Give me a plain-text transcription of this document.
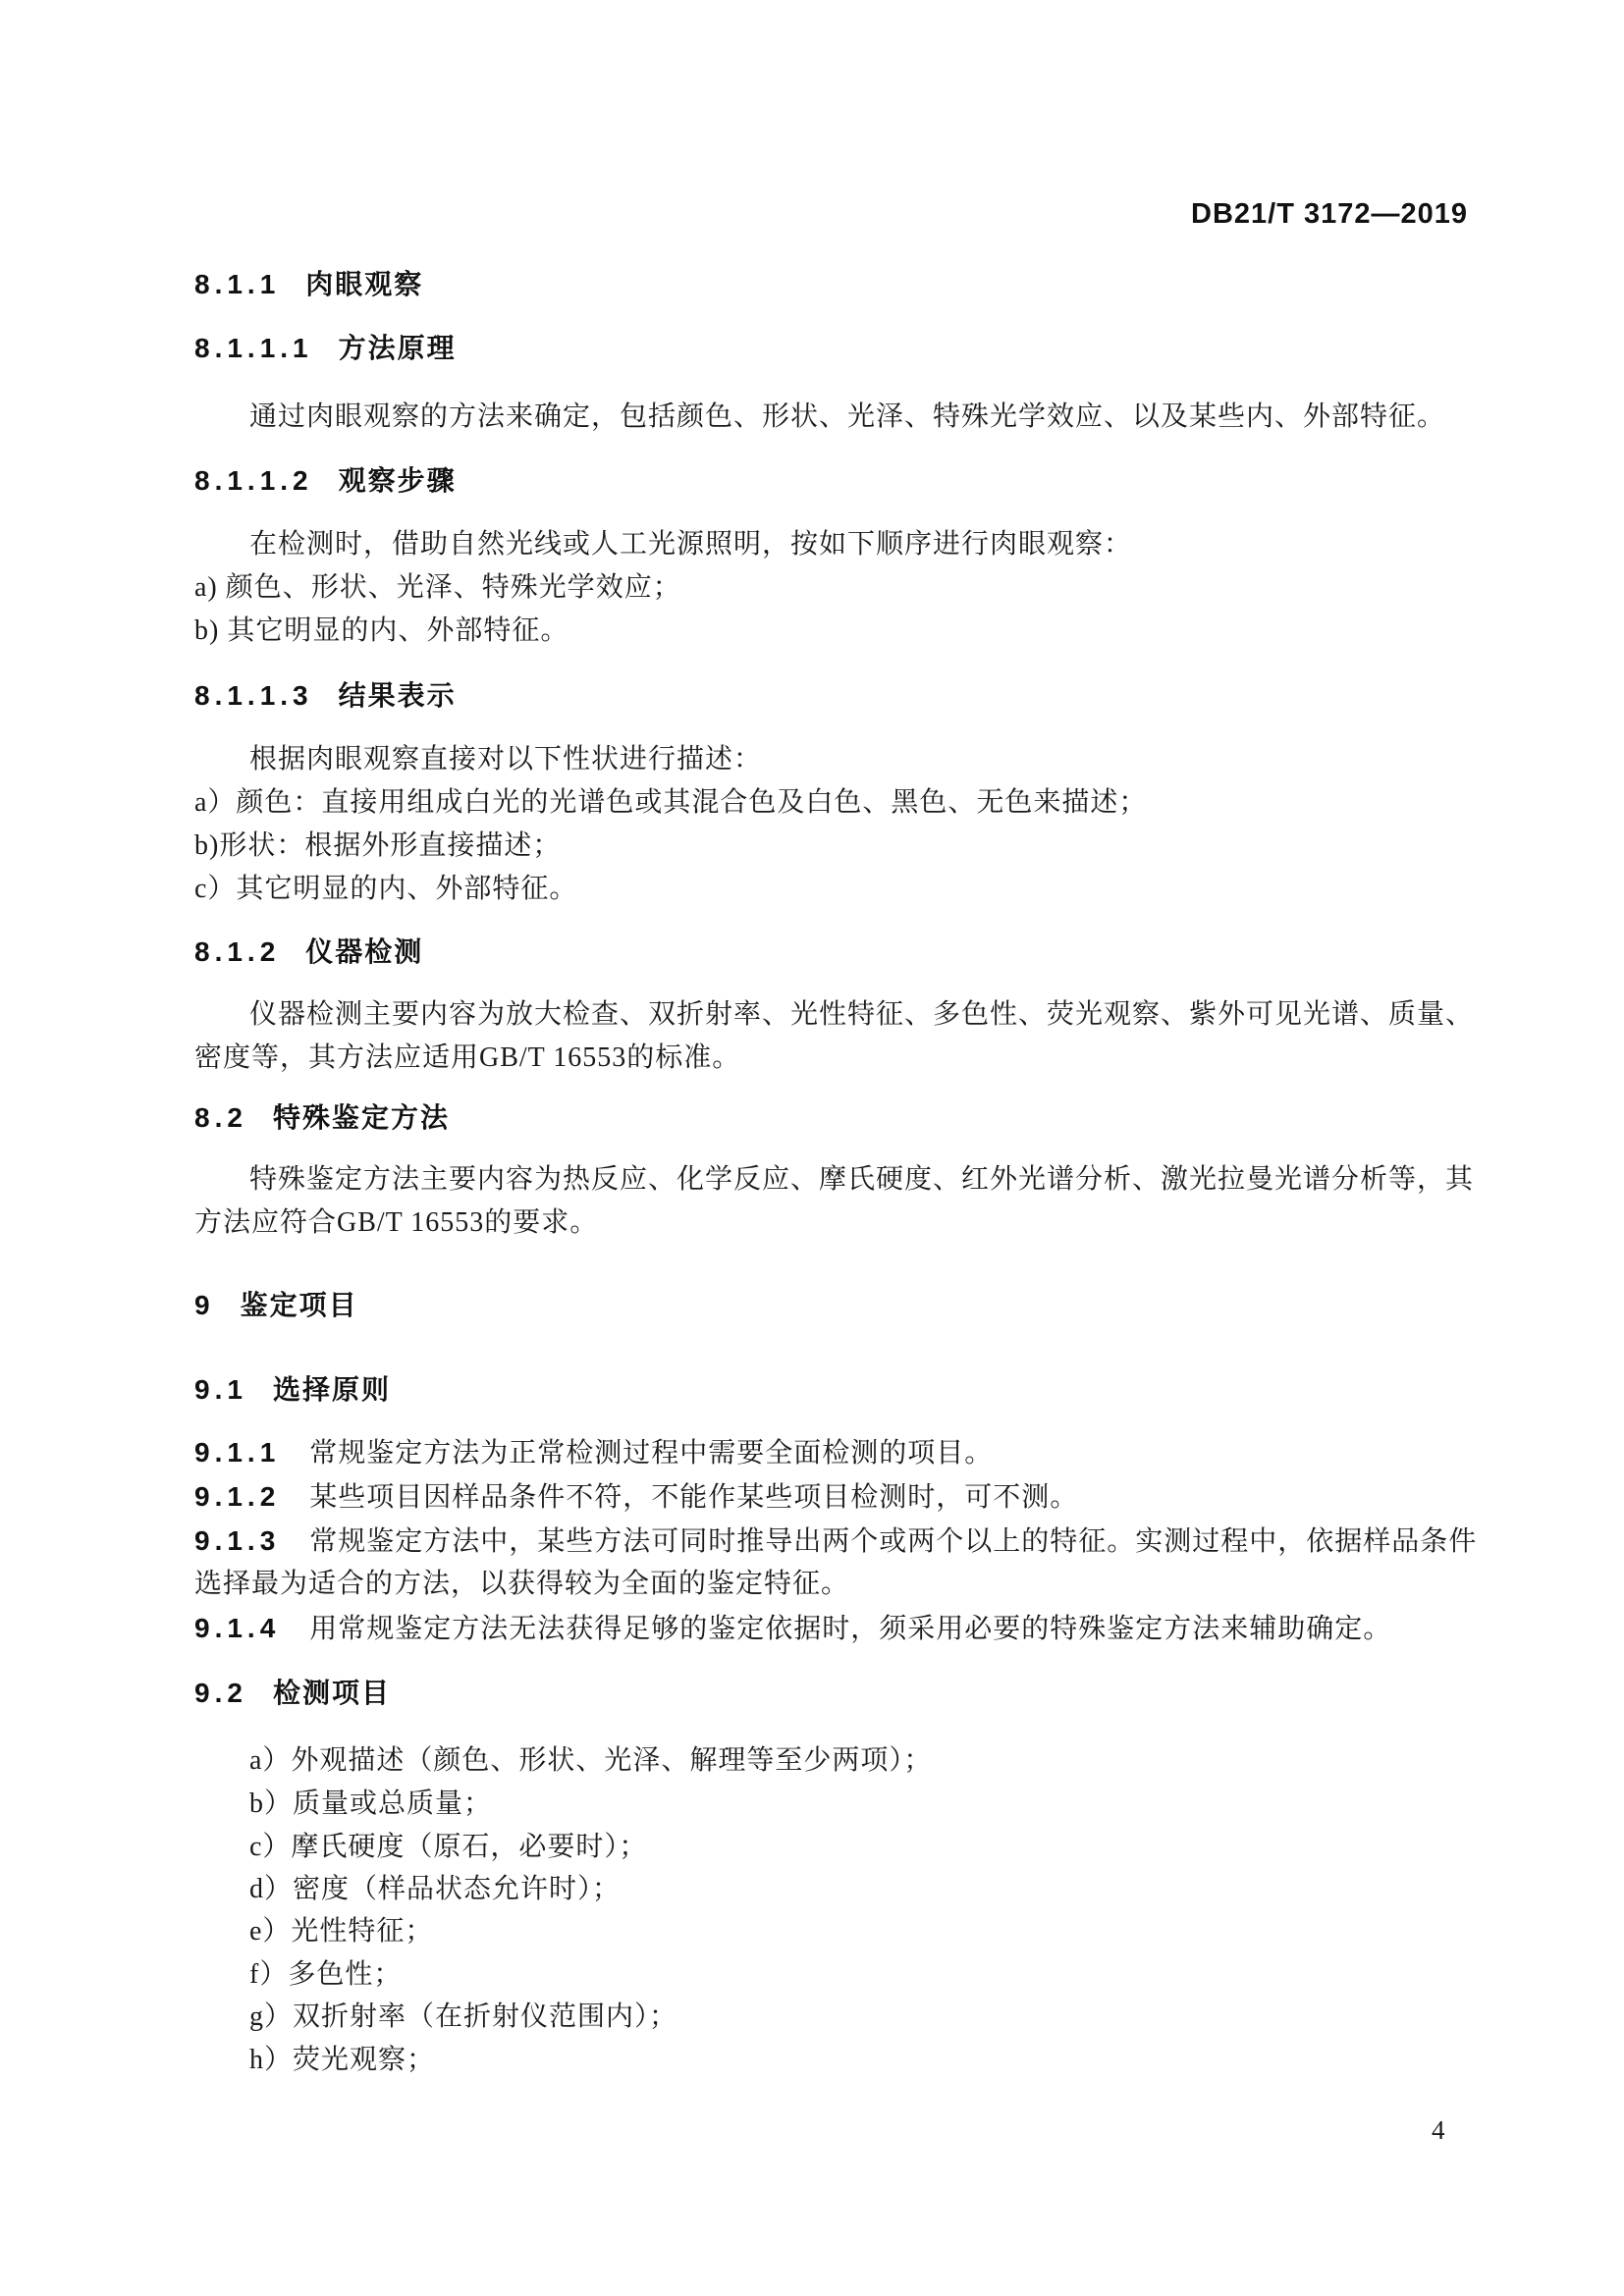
DB21/T 3172—2019
8.1.1 肉眼观察
8.1.1.1 方法原理
通过肉眼观察的方法来确定，包括颜色、形状、光泽、特殊光学效应、以及某些内、外部特征。
8.1.1.2 观察步骤
在检测时，借助自然光线或人工光源照明，按如下顺序进行肉眼观察：
a) 颜色、形状、光泽、特殊光学效应；
b) 其它明显的内、外部特征。
8.1.1.3 结果表示
根据肉眼观察直接对以下性状进行描述：
a）颜色：直接用组成白光的光谱色或其混合色及白色、黑色、无色来描述；
b)形状：根据外形直接描述；
c）其它明显的内、外部特征。
8.1.2 仪器检测
仪器检测主要内容为放大检查、双折射率、光性特征、多色性、荧光观察、紫外可见光谱、质量、
密度等，其方法应适用GB/T 16553的标准。
8.2 特殊鉴定方法
特殊鉴定方法主要内容为热反应、化学反应、摩氏硬度、红外光谱分析、激光拉曼光谱分析等，其
方法应符合GB/T 16553的要求。
9 鉴定项目
9.1 选择原则
9.1.1 常规鉴定方法为正常检测过程中需要全面检测的项目。
9.1.2 某些项目因样品条件不符，不能作某些项目检测时，可不测。
9.1.3 常规鉴定方法中，某些方法可同时推导出两个或两个以上的特征。实测过程中，依据样品条件
选择最为适合的方法，以获得较为全面的鉴定特征。
9.1.4 用常规鉴定方法无法获得足够的鉴定依据时，须采用必要的特殊鉴定方法来辅助确定。
9.2 检测项目
a）外观描述（颜色、形状、光泽、解理等至少两项）；
b）质量或总质量；
c）摩氏硬度（原石，必要时）；
d）密度（样品状态允许时）；
e）光性特征；
f）多色性；
g）双折射率（在折射仪范围内）；
h）荧光观察；
4
